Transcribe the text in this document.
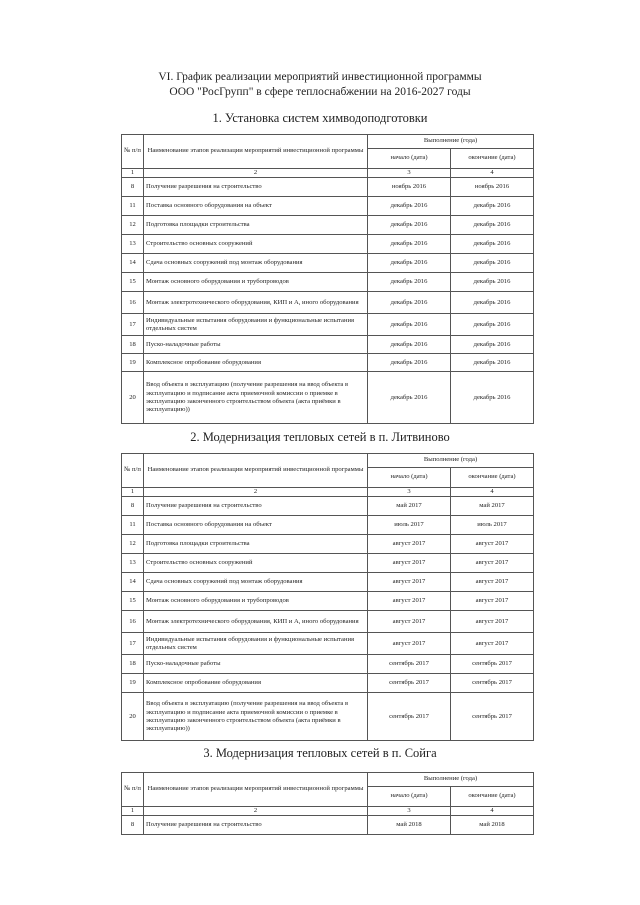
VI. График реализации мероприятий инвестиционной программы
ООО "РосГрупп" в сфере теплоснабжении на 2016-2027 годы
1. Установка систем химводоподготовки
№ п/п	Наименование этапов реализации мероприятий инвестиционной программы	Выполнение (года)	
		начало (дата)	окончание (дата)
1	2	3	4
8	Получение разрешения на строительство	ноябрь 2016	ноябрь 2016
11	Поставка основного оборудования на объект	декабрь 2016	декабрь 2016
12	Подготовка площадки строительства	декабрь 2016	декабрь 2016
13	Строительство основных сооружений	декабрь 2016	декабрь 2016
14	Сдача основных сооружений под монтаж оборудования	декабрь 2016	декабрь 2016
15	Монтаж основного оборудования и трубопроводов	декабрь 2016	декабрь 2016
16	Монтаж электротехнического оборудования, КИП и А, иного оборудования	декабрь 2016	декабрь 2016
17	Индивидуальные испытания оборудования и функциональные испытания отдельных систем	декабрь 2016	декабрь 2016
18	Пуско-наладочные работы	декабрь 2016	декабрь 2016
19	Комплексное опробование оборудования	декабрь 2016	декабрь 2016
20	Ввод объекта в эксплуатацию (получение разрешения на ввод объекта в эксплуатацию и подписание акта приемочной комиссии о приемке в эксплуатацию законченного строительством объекта (акта приёмки в эксплуатацию))	декабрь 2016	декабрь 2016
2. Модернизация тепловых сетей в п. Литвиново
№ п/п	Наименование этапов реализации мероприятий инвестиционной программы	Выполнение (года)	
		начало (дата)	окончание (дата)
1	2	3	4
8	Получение разрешения на строительство	май 2017	май 2017
11	Поставка основного оборудования на объект	июль 2017	июль 2017
12	Подготовка площадки строительства	август 2017	август 2017
13	Строительство основных сооружений	август 2017	август 2017
14	Сдача основных сооружений под монтаж оборудования	август 2017	август 2017
15	Монтаж основного оборудования и трубопроводов	август 2017	август 2017
16	Монтаж электротехнического оборудования, КИП и А, иного оборудования	август 2017	август 2017
17	Индивидуальные испытания оборудования и функциональные испытания отдельных систем	август 2017	август 2017
18	Пуско-наладочные работы	сентябрь 2017	сентябрь 2017
19	Комплексное опробование оборудования	сентябрь 2017	сентябрь 2017
20	Ввод объекта в эксплуатацию (получение разрешения на ввод объекта в эксплуатацию и подписание акта приемочной комиссии о приемке в эксплуатацию законченного строительством объекта (акта приёмки в эксплуатацию))	сентябрь 2017	сентябрь 2017
3. Модернизация тепловых сетей в п. Сойга
№ п/п	Наименование этапов реализации мероприятий инвестиционной программы	Выполнение (года)	
		начало (дата)	окончание (дата)
1	2	3	4
8	Получение разрешения на строительство	май 2018	май 2018
